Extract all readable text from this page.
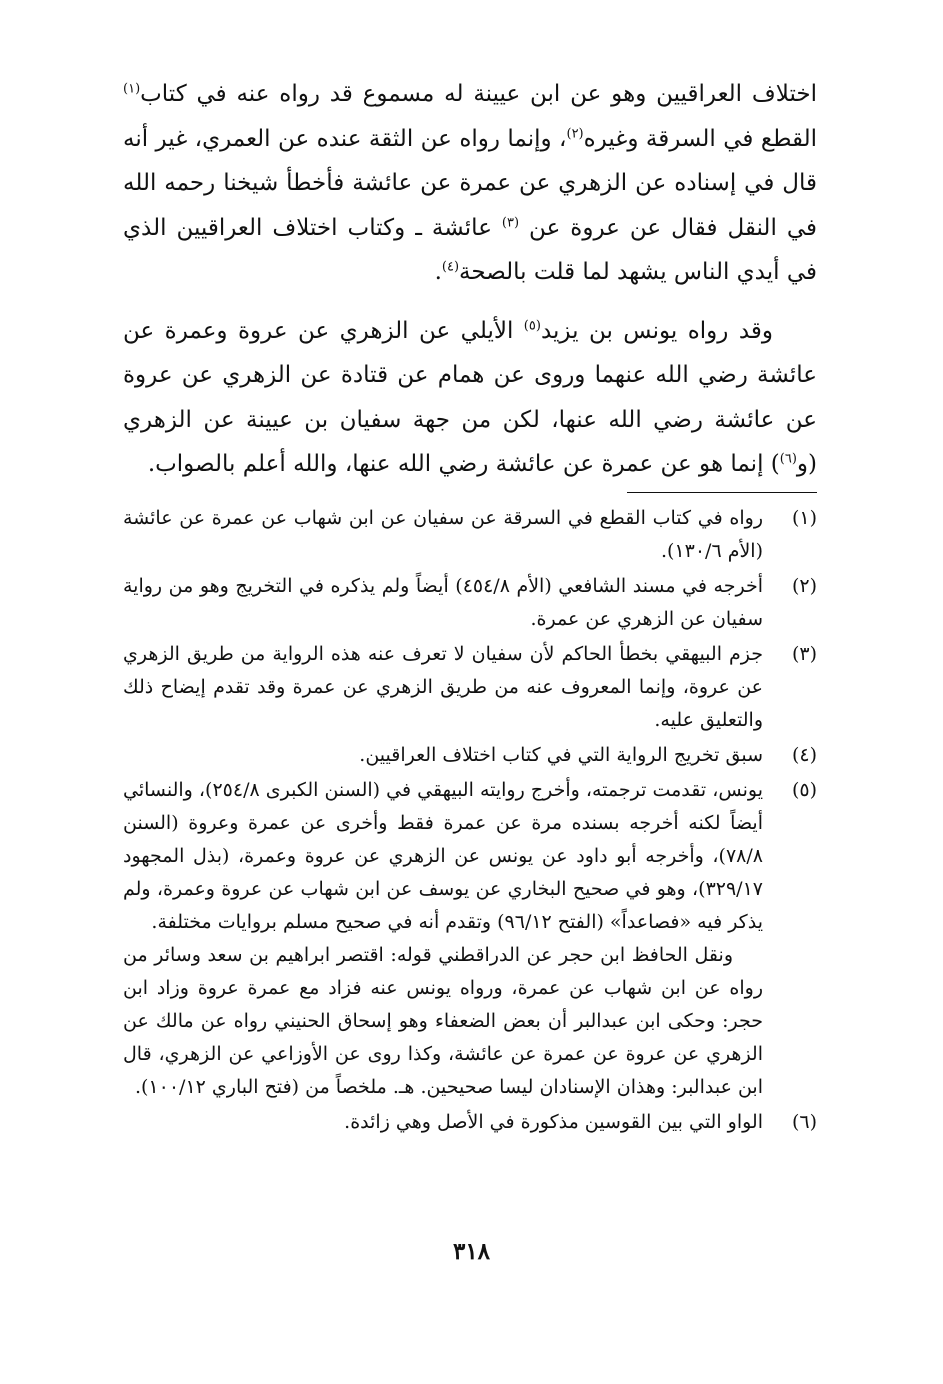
اختلاف العراقيين وهو عن ابن عيينة له مسموع قد رواه عنه في كتاب$^{(١)}$ القطع في السرقة وغيره$^{(٢)}$، وإنما رواه عن الثقة عنده عن العمري، غير أنه قال في إسناده عن الزهري عن عمرة عن عائشة فأخطأ شيخنا رحمه الله في النقل فقال عن عروة عن $^{(٣)}$ عائشة ـ وكتاب اختلاف العراقيين الذي في أيدي الناس يشهد لما قلت بالصحة$^{(٤)}$.

وقد رواه يونس بن يزيد$^{(٥)}$ الأيلي عن الزهري عن عروة وعمرة عن عائشة رضي الله عنهما وروى عن همام عن قتادة عن الزهري عن عروة عن عائشة رضي الله عنها، لكن من جهة سفيان بن عيينة عن الزهري (و$^{(٦)}$) إنما هو عن عمرة عن عائشة رضي الله عنها، والله أعلم بالصواب.

(١)

رواه في كتاب القطع في السرقة عن سفيان عن ابن شهاب عن عمرة عن عائشة (الأم ١٣٠/٦).

(٢)

أخرجه في مسند الشافعي (الأم ٤٥٤/٨) أيضاً ولم يذكره في التخريج وهو من رواية سفيان عن الزهري عن عمرة.

(٣)

جزم البيهقي بخطأ الحاكم لأن سفيان لا تعرف عنه هذه الرواية من طريق الزهري عن عروة، وإنما المعروف عنه من طريق الزهري عن عمرة وقد تقدم إيضاح ذلك والتعليق عليه.

(٤)

سبق تخريج الرواية التي في كتاب اختلاف العراقيين.

(٥)

يونس، تقدمت ترجمته، وأخرج روايته البيهقي في (السنن الكبرى ٢٥٤/٨)، والنسائي أيضاً لكنه أخرجه بسنده مرة عن عمرة فقط وأخرى عن عمرة وعروة (السنن ٧٨/٨)، وأخرجه أبو داود عن يونس عن الزهري عن عروة وعمرة، (بذل المجهود ٣٢٩/١٧)، وهو في صحيح البخاري عن يوسف عن ابن شهاب عن عروة وعمرة، ولم يذكر فيه «فصاعداً» (الفتح ٩٦/١٢) وتقدم أنه في صحيح مسلم بروايات مختلفة.

ونقل الحافظ ابن حجر عن الدراقطني قوله: اقتصر ابراهيم بن سعد وسائر من رواه عن ابن شهاب عن عمرة، ورواه يونس عنه فزاد مع عمرة عروة وزاد ابن حجر: وحكى ابن عبدالبر أن بعض الضعفاء وهو إسحاق الحنيني رواه عن مالك عن الزهري عن عروة عن عمرة عن عائشة، وكذا روى عن الأوزاعي عن الزهري، قال ابن عبدالبر: وهذان الإسنادان ليسا صحيحين. هـ. ملخصاً من (فتح الباري ١٠٠/١٢).

(٦)

الواو التي بين القوسين مذكورة في الأصل وهي زائدة.

٣١٨
